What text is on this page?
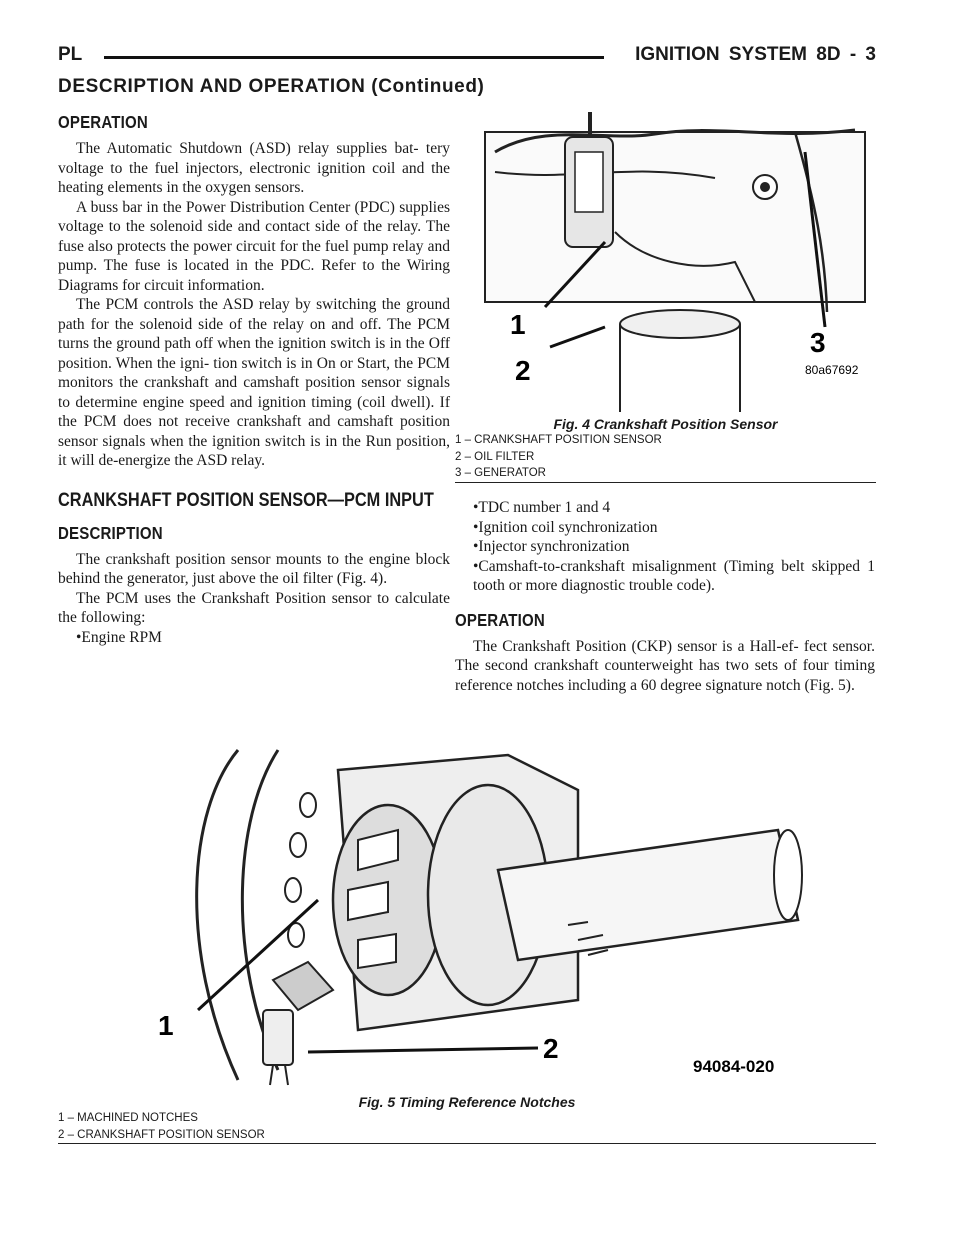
PL	IGNITION SYSTEM 8D - 3
DESCRIPTION AND OPERATION (Continued)
OPERATION

The Automatic Shutdown (ASD) relay supplies bat- tery voltage to the fuel injectors, electronic ignition coil and the heating elements in the oxygen sensors.

A buss bar in the Power Distribution Center (PDC) supplies voltage to the solenoid side and contact side of the relay. The fuse also protects the power circuit for the fuel pump relay and pump. The fuse is located in the PDC. Refer to the Wiring Diagrams for circuit information.

The PCM controls the ASD relay by switching the ground path for the solenoid side of the relay on and off. The PCM turns the ground path off when the ignition switch is in the Off position. When the igni- tion switch is in On or Start, the PCM monitors the crankshaft and camshaft position sensor signals to determine engine speed and ignition timing (coil dwell). If the PCM does not receive crankshaft and camshaft position sensor signals when the ignition switch is in the Run position, it will de-energize the ASD relay.

CRANKSHAFT POSITION SENSOR—PCM INPUT
DESCRIPTION

The crankshaft position sensor mounts to the engine block behind the generator, just above the oil filter (Fig. 4).

The PCM uses the Crankshaft Position sensor to calculate the following:

•Engine RPM

1
2
3
80a67692
Fig. 4 Crankshaft Position Sensor
1 – CRANKSHAFT POSITION SENSOR
2 – OIL FILTER
3 – GENERATOR

•TDC number 1 and 4

•Ignition coil synchronization

•Injector synchronization

•Camshaft-to-crankshaft misalignment (Timing belt skipped 1 tooth or more diagnostic trouble code).

OPERATION

The Crankshaft Position (CKP) sensor is a Hall-ef- fect sensor. The second crankshaft counterweight has two sets of four timing reference notches including a 60 degree signature notch (Fig. 5).

1
2
94084-020
Fig. 5 Timing Reference Notches
1 – MACHINED NOTCHES
2 – CRANKSHAFT POSITION SENSOR
